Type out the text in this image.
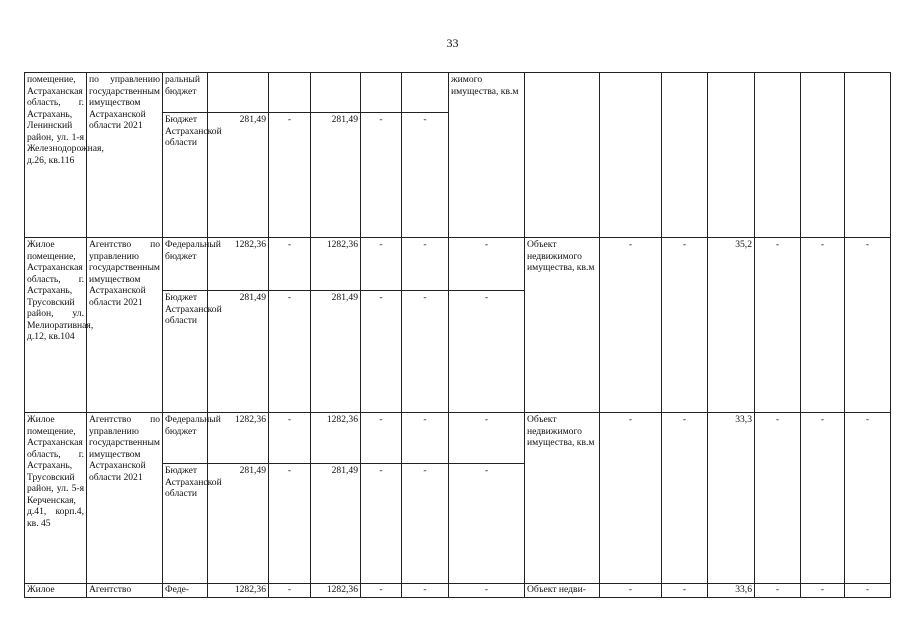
33
помещение, Астраханская область, г. Астрахань, Ленинский район, ул. 1-я Железнодорожная, д.26, кв.116	по управлению государственным имуществом Астраханской области 2021	ральный бюджет						жимого имущества, кв.м								
		Бюджет Астраханской области	281,49	-	281,49	-	-	
Жилое помещение, Астраханская область, г. Астрахань, Трусовский район, ул. Мелиоративная, д.12, кв.104	Агентство по управлению государственным имуществом Астраханской области 2021	Федеральный бюджет	1282,36	-	1282,36	-	-	-	Объект недвижимого имущества, кв.м	-	-	35,2	-	-	-	
		Бюджет Астраханской области	281,49	-	281,49	-	-	-								
Жилое помещение, Астраханская область, г. Астрахань, Трусовский район, ул. 5-я Керченская, д.41, корп.4, кв. 45	Агентство по управлению государственным имуществом Астраханской области 2021	Федеральный бюджет	1282,36	-	1282,36	-	-	-	Объект недвижимого имущества, кв.м	-	-	33,3	-	-	-	
		Бюджет Астраханской области	281,49	-	281,49	-	-	-								
Жилое	Агентство	Феде-	1282,36	-	1282,36	-	-	-	Объект недви-	-	-	33,6	-	-	-	
